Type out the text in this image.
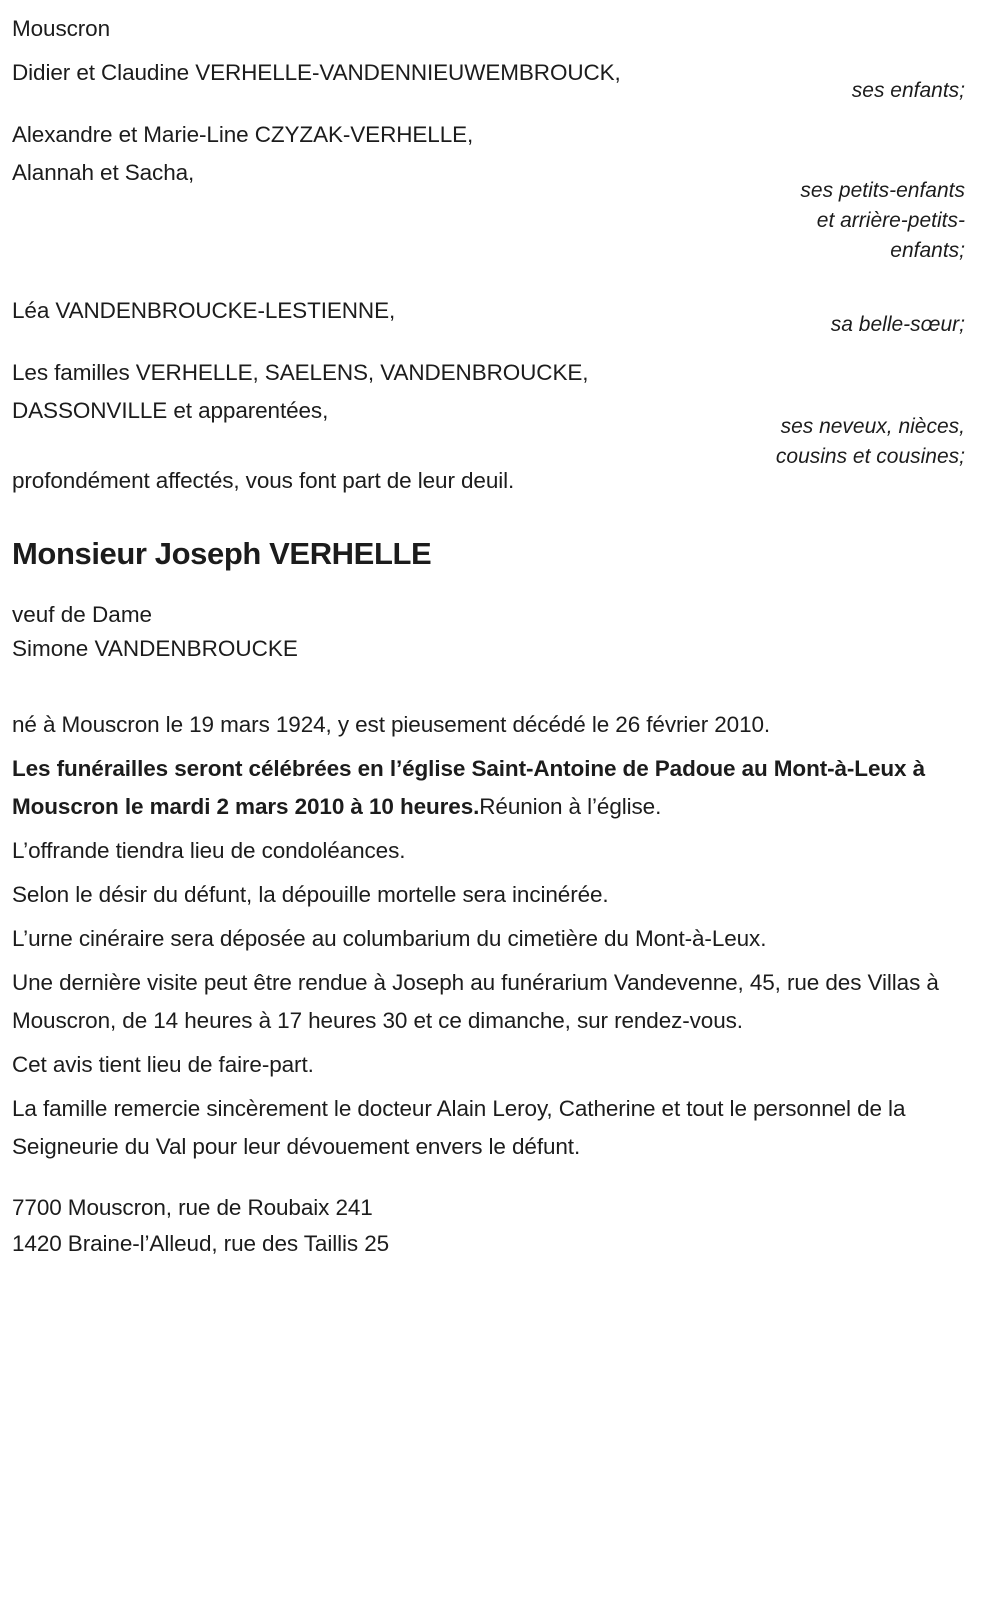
ses enfants;
ses petits-enfants
et arrière-petits-
enfants;
sa belle-sœur;
ses neveux, nièces,
cousins et cousines;
Mouscron
Didier et Claudine VERHELLE-VANDENNIEUWEMBROUCK,
Alexandre et Marie-Line CZYZAK-VERHELLE,
Alannah et Sacha,
Léa VANDENBROUCKE-LESTIENNE,
Les familles VERHELLE, SAELENS, VANDENBROUCKE,
DASSONVILLE et apparentées,
profondément affectés, vous font part de leur deuil.
Monsieur Joseph VERHELLE
veuf de Dame
Simone VANDENBROUCKE

né à Mouscron le 19 mars 1924, y est pieusement décédé le 26 février 2010.

Les funérailles seront célébrées en l’église Saint-Antoine de Padoue au Mont-à-Leux à Mouscron le mardi 2 mars 2010 à 10 heures.Réunion à l’église.

L’offrande tiendra lieu de condoléances.

Selon le désir du défunt, la dépouille mortelle sera incinérée.

L’urne cinéraire sera déposée au columbarium du cimetière du Mont-à-Leux.

Une dernière visite peut être rendue à Joseph au funérarium Vandevenne, 45, rue des Villas à Mouscron, de 14 heures à 17 heures 30 et ce dimanche, sur rendez-vous.

Cet avis tient lieu de faire-part.

La famille remercie sincèrement le docteur Alain Leroy, Catherine et tout le personnel de la Seigneurie du Val pour leur dévouement envers le défunt.

7700 Mouscron, rue de Roubaix 241
1420 Braine-l’Alleud, rue des Taillis 25
